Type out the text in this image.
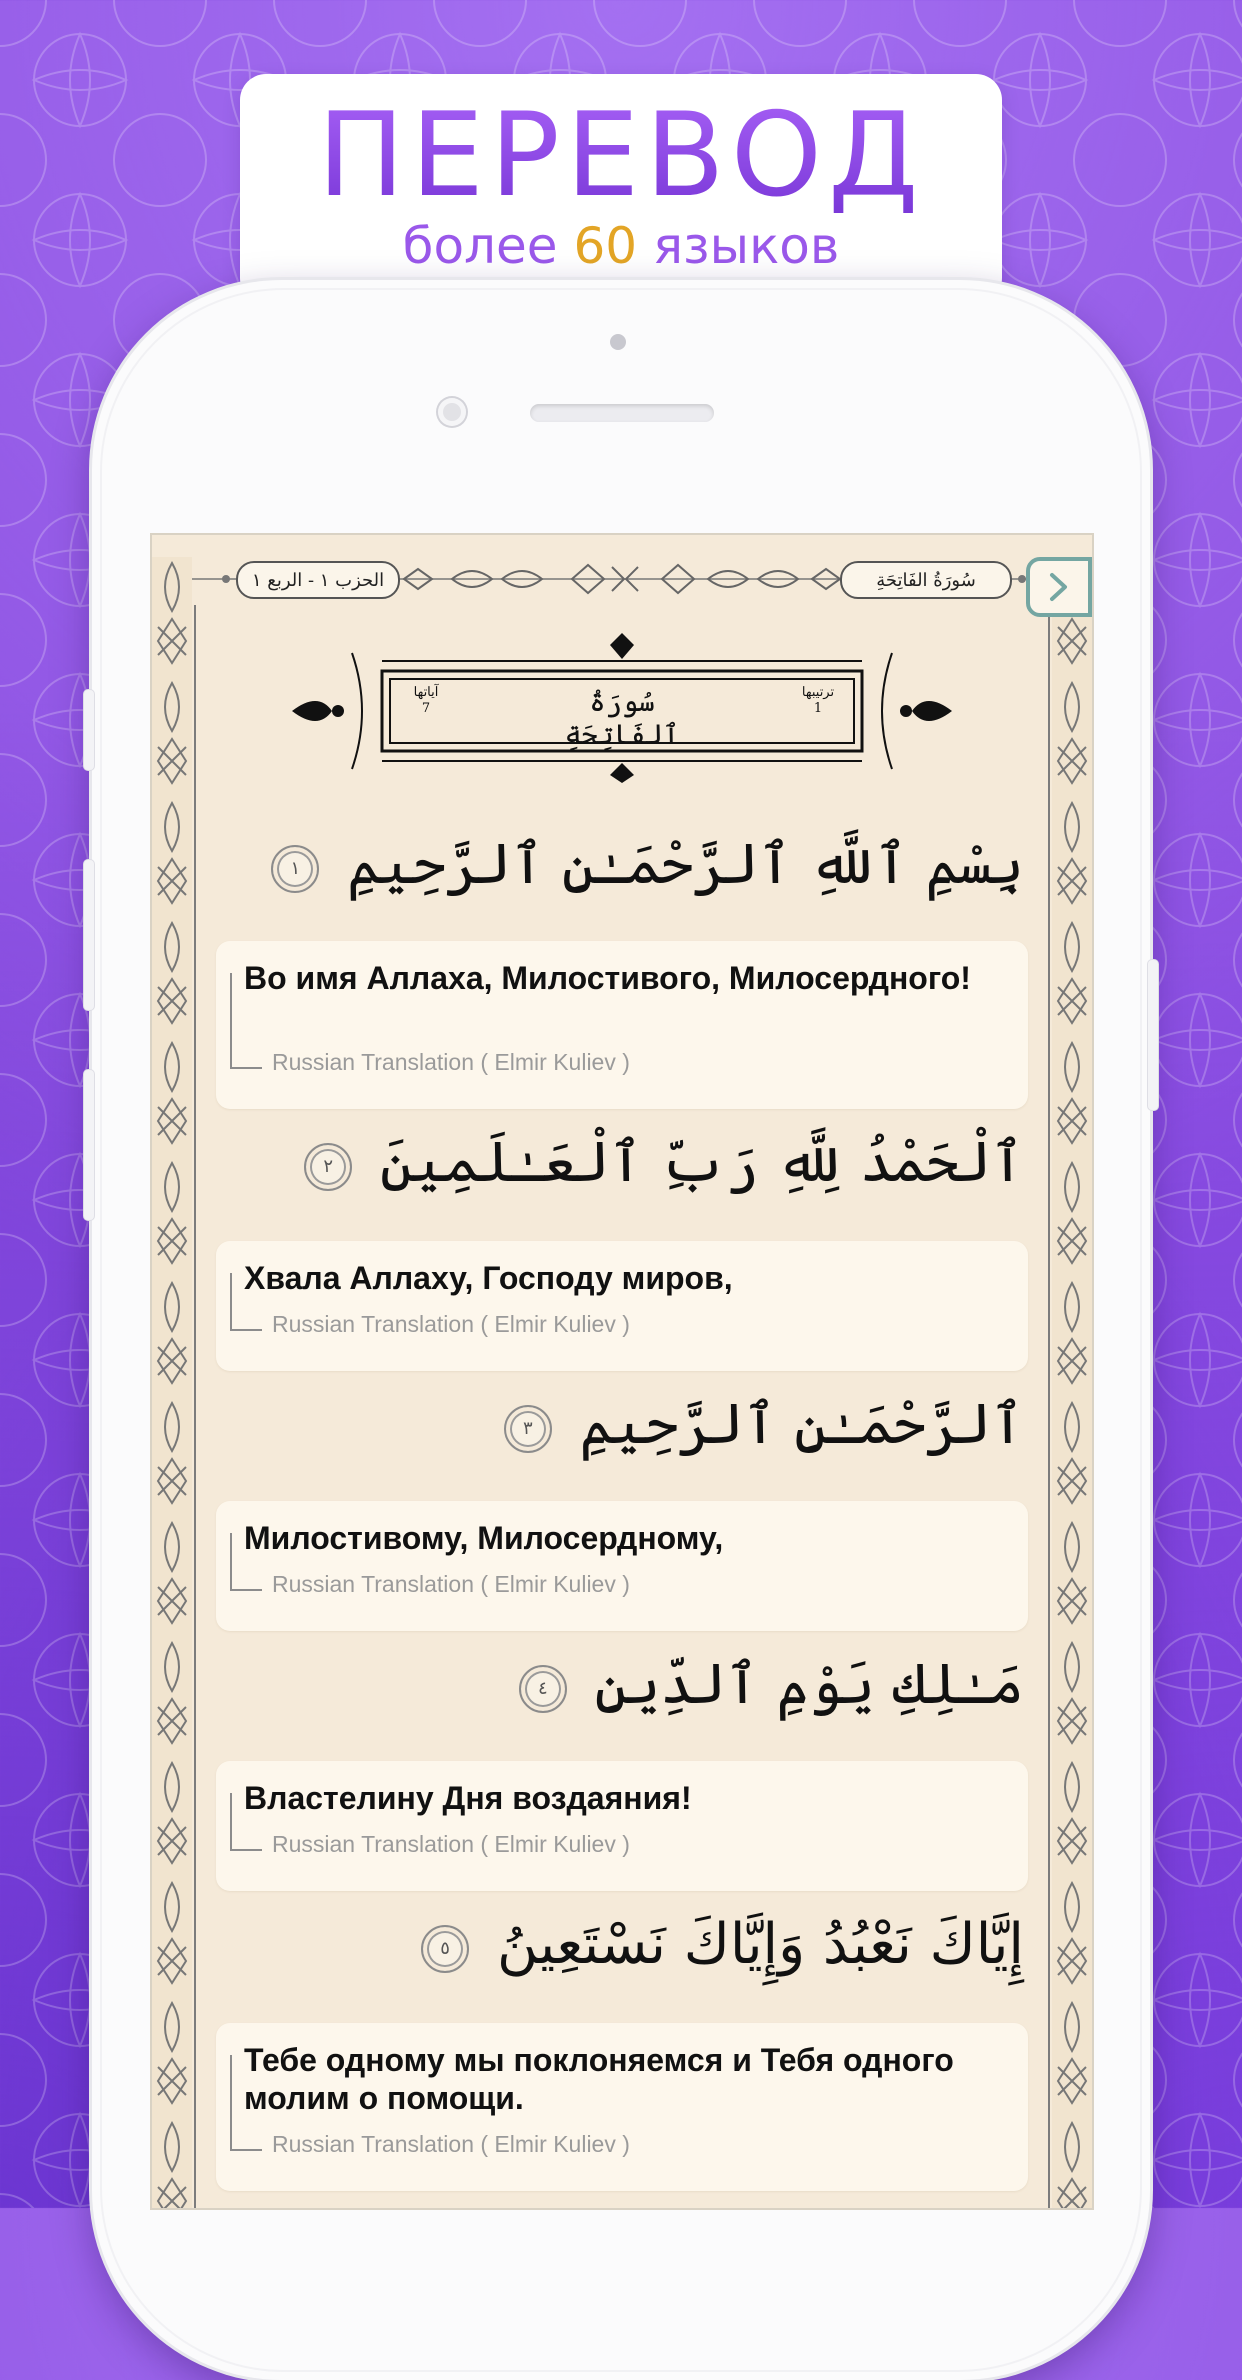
ПЕРЕВОД
более 60 языков
الحزب ١ - الربع ١	سُورَةُ الفَاتِحَةِ
آياتها
7	سُورَةُ ٱلفَاتِحَةِ
ترتيبها
1
بِسْمِ ٱللَّهِ ٱلرَّحْمَـٰنِ ٱلرَّحِيمِ ١
Во имя Аллаха, Милостивого, Милосердного!
Russian Translation ( Elmir Kuliev )
ٱلْحَمْدُ لِلَّهِ رَبِّ ٱلْعَـٰلَمِينَ ٢
Хвала Аллаху, Господу миров,
Russian Translation ( Elmir Kuliev )
ٱلرَّحْمَـٰنِ ٱلرَّحِيمِ ٣
Милостивому, Милосердному,
Russian Translation ( Elmir Kuliev )
مَـٰلِكِ يَوْمِ ٱلدِّينِ ٤
Властелину Дня воздаяния!
Russian Translation ( Elmir Kuliev )
إِيَّاكَ نَعْبُدُ وَإِيَّاكَ نَسْتَعِينُ ٥
Тебе одному мы поклоняемся и Тебя одного молим о помощи.
Russian Translation ( Elmir Kuliev )
